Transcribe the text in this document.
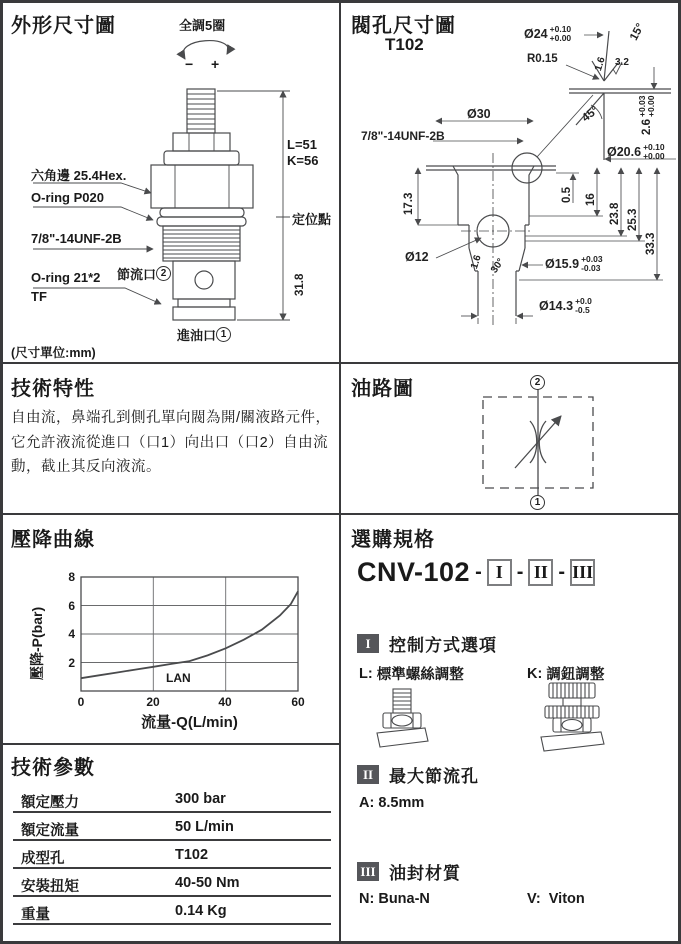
外形尺寸圖	全調5圈
− +
六角邊 25.4Hex.
O-ring P020
7/8"-14UNF-2B
O-ring 21*2
TF
節流口 2
進油口 1
定位點
L=51
K=56
31.8
(尺寸單位:mm)
閥孔尺寸圖
T102
Ø24 +0.10
+0.00
R0.15
15°
1.6 3.2
45°
2.6
+0.03 +0.00
Ø20.6 +0.10
+0.00
Ø30
7/8"-14UNF-2B
17.3	0.5 16
23.8 25.3
33.3
Ø12	1.6 30°	Ø15.9 +0.03
-0.03
Ø14.3 +0.0
-0.5
技術特性
自由流，鼻端孔到側孔單向閥為開/關液路元件，它允許液流從進口（口1）向出口（口2）自由流動，截止其反向液流。
油路圖	2
1
壓降曲線
8
6
4
2
0	20	40	60
壓降-P(bar)
流量-Q(L/min)
LAN
選購規格
CNV-102 - I - II - III
I	控制方式選項
L:
標準螺絲調整	K:
調鈕調整
II 最大節流孔
A:
8.5mm
III 油封材質
N:
Buna-N	V:
Viton
技術參數
額定壓力	300 bar
額定流量	50 L/min
成型孔	T102
安裝扭矩	40-50 Nm
重量	0.14 Kg
